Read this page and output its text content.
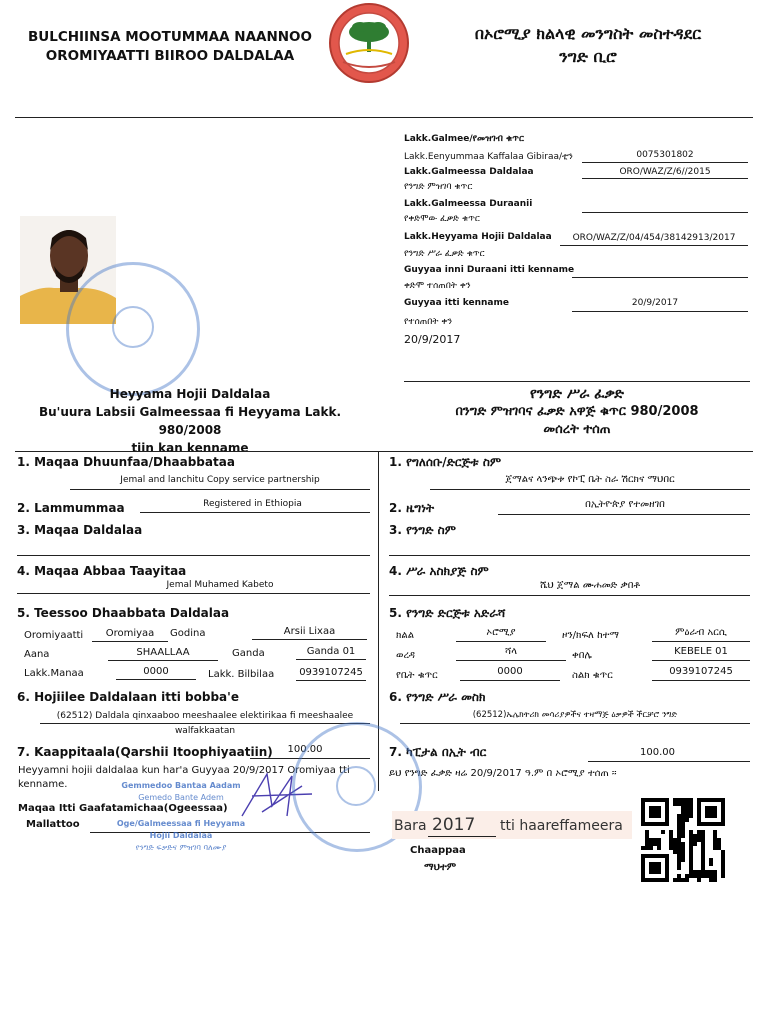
BULCHIINSA MOOTUMMAA NAANNOO
OROMIYAATTI BIIROO DALDALAA
በኦሮሚያ ክልላዊ መንግስት መስተዳደር
ንግድ ቢሮ
Lakk.Galmee/የመዝገብ ቁጥር
Lakk.Eenyummaa Kaffalaa Gibiraa/ቲን	0075301802
Lakk.Galmeessa Daldalaa	ORO/WAZ/Z/6//2015
የንግድ ምዝገባ ቁጥር
Lakk.Galmeessa Duraanii
የቀድሞው ፈቃድ ቁጥር
Lakk.Heyyama Hojii Daldalaa	ORO/WAZ/Z/04/454/38142913/2017
የንግድ ሥራ ፈቃድ ቁጥር
Guyyaa inni Duraani itti kenname
ቀድሞ ተሰጠበት ቀን
Guyyaa itti kenname	20/9/2017
የተሰጠበት ቀን
20/9/2017
Heyyama Hojii Daldalaa
Bu'uura Labsii Galmeessaa fi Heyyama Lakk. 980/2008
tiin kan kenname
የንግድ ሥራ ፈቃድ
በንግድ ምዝገባና ፈቃድ አዋጅ ቁጥር 980/2008
መሰረት ተሰጠ
1. Maqaa Dhuunfaa/Dhaabbataa
Jemal and lanchitu Copy service partnership
2. Lammummaa	Registered in Ethiopia
3. Maqaa Daldalaa
4. Maqaa Abbaa Taayitaa
Jemal Muhamed Kabeto
5. Teessoo Dhaabbata Daldalaa
Oromiyaatti	Oromiyaa	Godina	Arsii Lixaa
Aana	SHAALLAA	Ganda	Ganda 01
Lakk.Manaa	0000	Lakk. Bilbilaa	0939107245
6. Hojiilee Daldalaan itti bobba'e
(62512) Daldala qinxaaboo meeshaalee elektirikaa fi meeshaalee
walfakkaatan
7. Kaappitaala(Qarshii Itoophiyaatiin)	100.00
Heyyamni hojii daldalaa kun har'a Guyyaa 20/9/2017 Oromiyaa tti
kenname.
Maqaa Itti Gaafatamichaa(Ogeessaa)
Mallattoo
Gemmedoo Bantaa Aadam
Gemedo Bante Adem
Oge/Galmeessaa fi Heyyama
Hojii Daldalaa
የንግድ ፍቃድና ምዝገባ ባለሙያ
1. የግለሰቡ/ድርጅቱ ስም
ጀማልና ላንጭቱ የኮፒ ቤት ስራ ሽርክና ማህበር
2. ዜግነት	በኢትዮጵያ የተመዘገበ
3. የንግድ ስም
4. ሥራ አስክያጅ ስም
ሼህ ጀማል ሙሐመድ ቃበቶ
5. የንግድ ድርጅቱ አድራሻ
ክልል	ኦሮሚያ	ዞን/ክፍለ ከተማ	ምዕራብ አርሲ
ወረዳ	ሻላ	ቀበሌ	KEBELE 01
የቤት ቁጥር	0000	ስልክ ቁጥር	0939107245
6. የንግድ ሥራ መስክ
(62512)ኤሌክትሪክ መሳሪያዎችና ተዛማጅ ዕቃዎች ችርቻሮ ንግድ
7. ካፒታል በኢት ብር	100.00
ይህ የንግድ ፈቃድ ዛሬ 20/9/2017 ዓ.ም በ ኦሮሚያ ተሰጠ ።
Bara 2017 tti haareffameera
Chaappaa
ማህተም
